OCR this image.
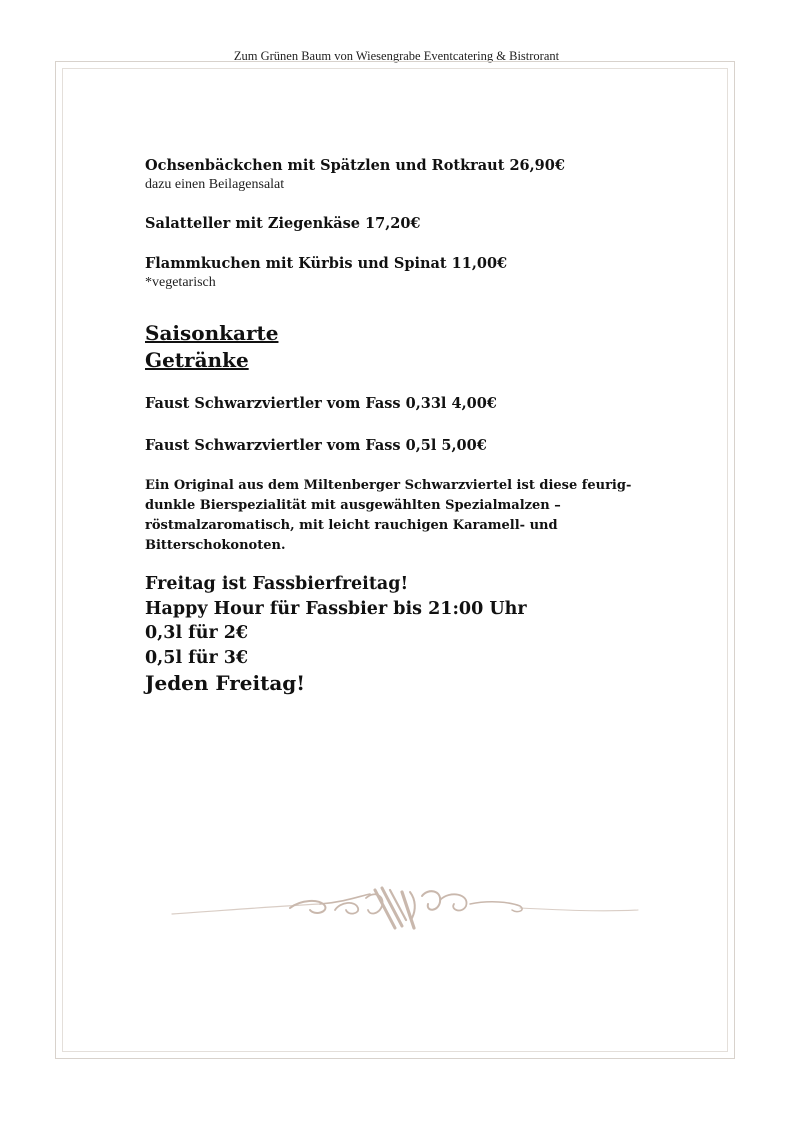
Zum Grünen Baum von Wiesengrabe Eventcatering & Bistrorant

Ochsenbäckchen mit Spätzlen und Rotkraut 26,90€

dazu einen Beilagensalat

Salatteller mit Ziegenkäse 17,20€

Flammkuchen mit Kürbis und Spinat 11,00€

*vegetarisch

Saisonkarte

Getränke

Faust Schwarzviertler vom Fass 0,33l 4,00€

Faust Schwarzviertler vom Fass 0,5l 5,00€

Ein Original aus dem Miltenberger Schwarzviertel ist diese feurig-

dunkle Bierspezialität mit ausgewählten Spezialmalzen –

röstmalzaromatisch, mit leicht rauchigen Karamell- und

Bitterschokonoten.

Freitag ist Fassbierfreitag!

Happy Hour für Fassbier bis 21:00 Uhr

0,3l für 2€

0,5l für 3€

Jeden Freitag!
